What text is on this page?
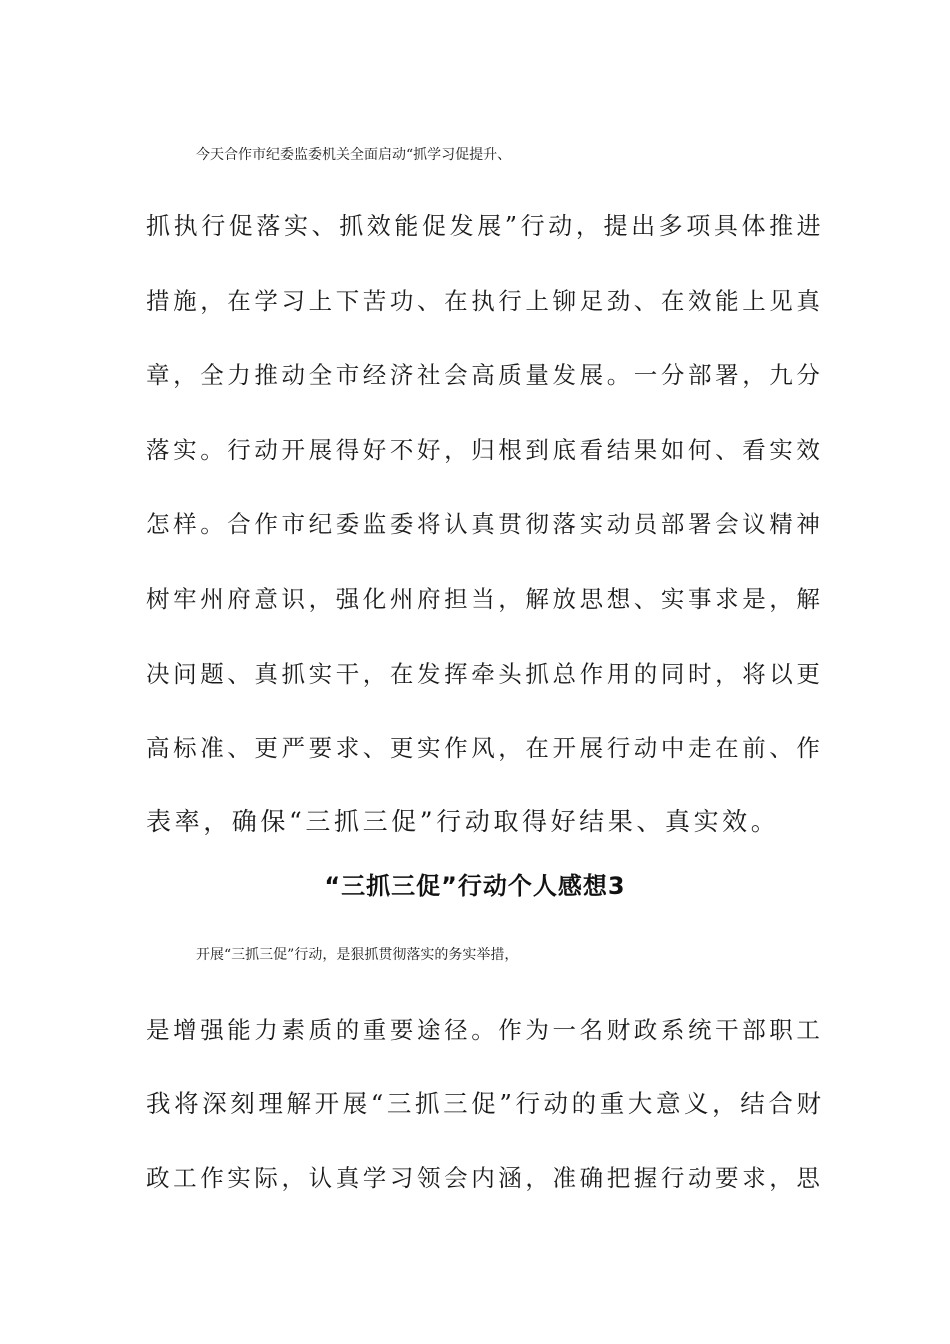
今天合作市纪委监委机关全面启动“抓学习促提升、
抓执行促落实、抓效能促发展”行动，提出多项具体推进
措施，在学习上下苦功、在执行上铆足劲、在效能上见真
章，全力推动全市经济社会高质量发展。一分部署，九分
落实。行动开展得好不好，归根到底看结果如何、看实效
怎样。合作市纪委监委将认真贯彻落实动员部署会议精神
树牢州府意识，强化州府担当，解放思想、实事求是，解
决问题、真抓实干，在发挥牵头抓总作用的同时，将以更
高标准、更严要求、更实作风，在开展行动中走在前、作
表率，确保“三抓三促”行动取得好结果、真实效。
“三抓三促”行动个人感想3
开展“三抓三促”行动，是狠抓贯彻落实的务实举措，
是增强能力素质的重要途径。作为一名财政系统干部职工
我将深刻理解开展“三抓三促”行动的重大意义，结合财
政工作实际，认真学习领会内涵，准确把握行动要求，思
